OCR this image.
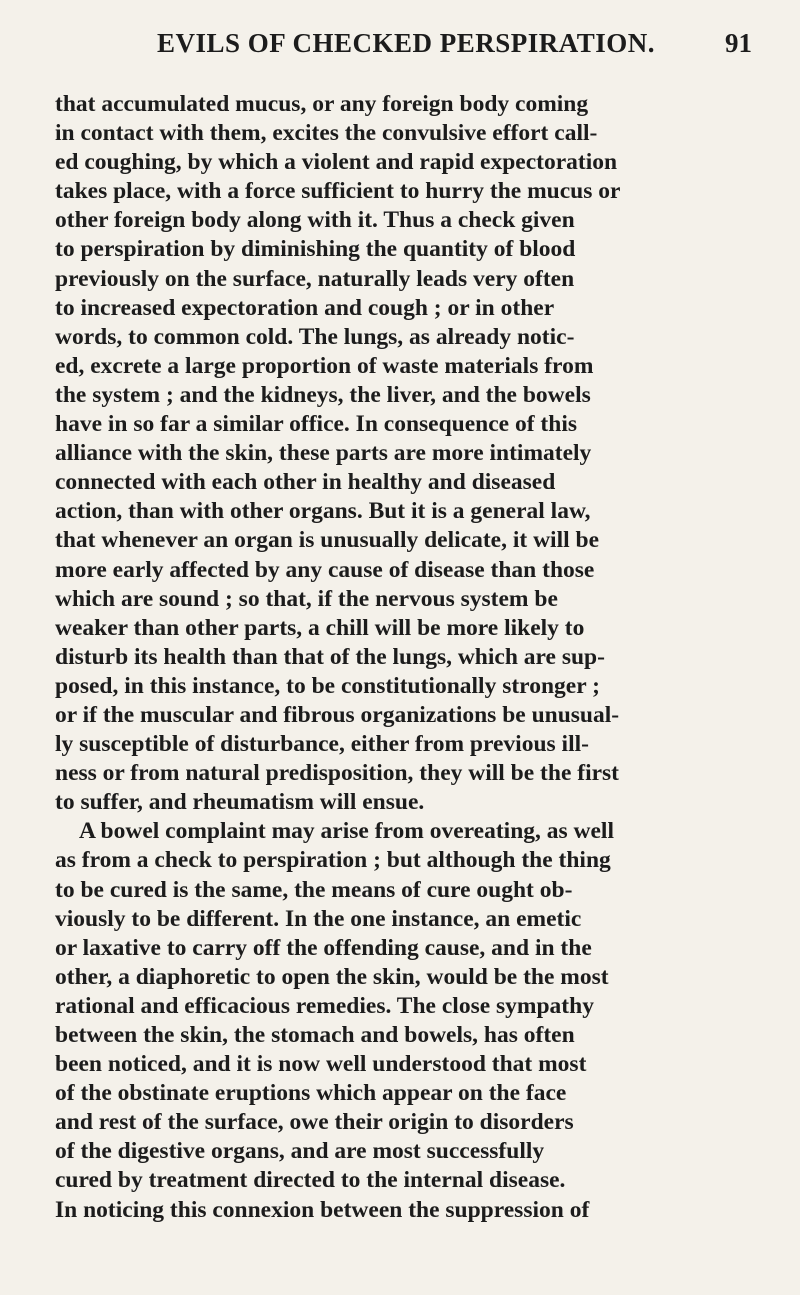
EVILS OF CHECKED PERSPIRATION.	91
that accumulated mucus, or any foreign body coming
in contact with them, excites the convulsive effort call-
ed coughing, by which a violent and rapid expectoration
takes place, with a force sufficient to hurry the mucus or
other foreign body along with it. Thus a check given
to perspiration by diminishing the quantity of blood
previously on the surface, naturally leads very often
to increased expectoration and cough ; or in other
words, to common cold. The lungs, as already notic-
ed, excrete a large proportion of waste materials from
the system ; and the kidneys, the liver, and the bowels
have in so far a similar office. In consequence of this
alliance with the skin, these parts are more intimately
connected with each other in healthy and diseased
action, than with other organs. But it is a general law,
that whenever an organ is unusually delicate, it will be
more early affected by any cause of disease than those
which are sound ; so that, if the nervous system be
weaker than other parts, a chill will be more likely to
disturb its health than that of the lungs, which are sup-
posed, in this instance, to be constitutionally stronger ;
or if the muscular and fibrous organizations be unusual-
ly susceptible of disturbance, either from previous ill-
ness or from natural predisposition, they will be the first
to suffer, and rheumatism will ensue.
A bowel complaint may arise from overeating, as well
as from a check to perspiration ; but although the thing
to be cured is the same, the means of cure ought ob-
viously to be different. In the one instance, an emetic
or laxative to carry off the offending cause, and in the
other, a diaphoretic to open the skin, would be the most
rational and efficacious remedies. The close sympathy
between the skin, the stomach and bowels, has often
been noticed, and it is now well understood that most
of the obstinate eruptions which appear on the face
and rest of the surface, owe their origin to disorders
of the digestive organs, and are most successfully
cured by treatment directed to the internal disease.
In noticing this connexion between the suppression of
